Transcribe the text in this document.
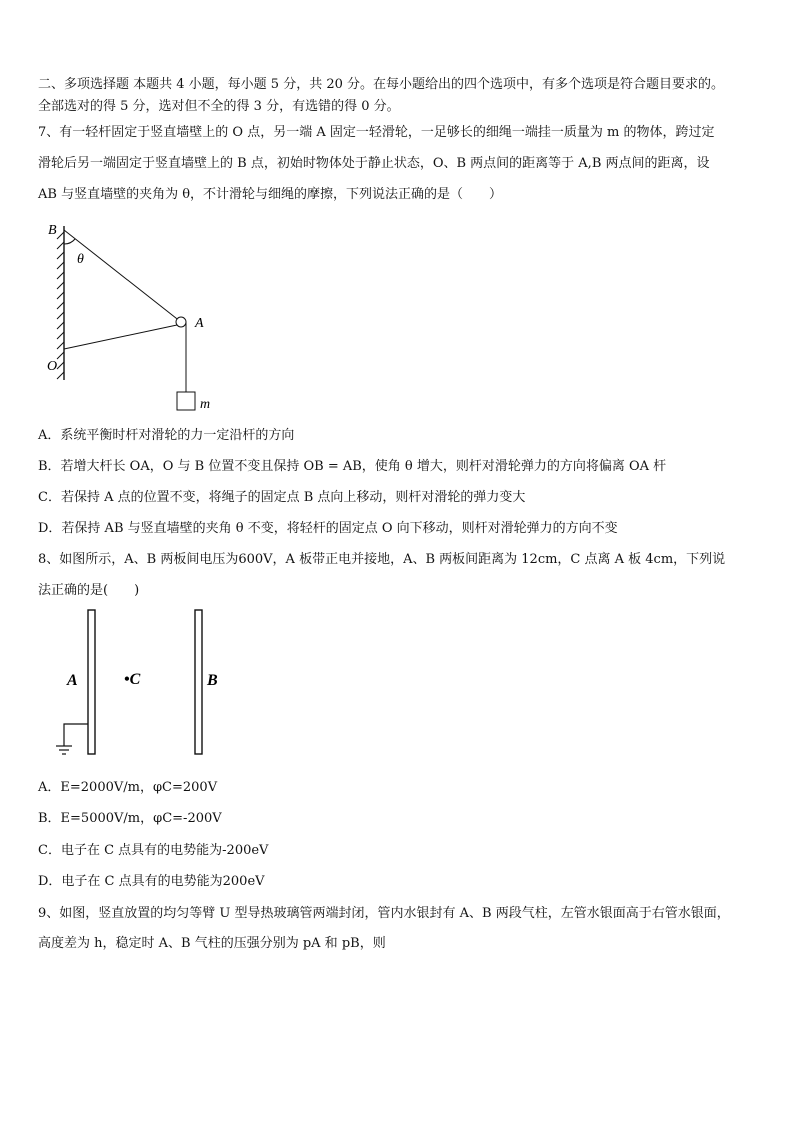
二、多项选择题 本题共 4 小题，每小题 5 分，共 20 分。在每小题给出的四个选项中，有多个选项是符合题目要求的。
全部选对的得 5 分，选对但不全的得 3 分，有选错的得 0 分。
7、有一轻杆固定于竖直墙壁上的 O 点，另一端 A 固定一轻滑轮，一足够长的细绳一端挂一质量为 m 的物体，跨过定
滑轮后另一端固定于竖直墙壁上的 B 点，初始时物体处于静止状态，O、B 两点间的距离等于 A,B 两点间的距离，设
AB 与竖直墙壁的夹角为 θ，不计滑轮与细绳的摩擦，下列说法正确的是（　　）
B
θ
A
O
m
A．系统平衡时杆对滑轮的力一定沿杆的方向
B．若增大杆长 OA，O 与 B 位置不变且保持 OB = AB，使角 θ 增大，则杆对滑轮弹力的方向将偏离 OA 杆
C．若保持 A 点的位置不变，将绳子的固定点 B 点向上移动，则杆对滑轮的弹力变大
D．若保持 AB 与竖直墙壁的夹角 θ 不变，将轻杆的固定点 O 向下移动，则杆对滑轮弹力的方向不变
8、如图所示，A、B 两板间电压为600V，A 板带正电并接地，A、B 两板间距离为 12cm，C 点离 A 板 4cm，下列说
法正确的是(　　)
A	•C	B
A．E=2000V/m，φC=200V
B．E=5000V/m，φC=-200V
C．电子在 C 点具有的电势能为-200eV
D．电子在 C 点具有的电势能为200eV
9、如图，竖直放置的均匀等臂 U 型导热玻璃管两端封闭，管内水银封有 A、B 两段气柱，左管水银面高于右管水银面，
高度差为 h，稳定时 A、B 气柱的压强分别为 pA 和 pB，则
